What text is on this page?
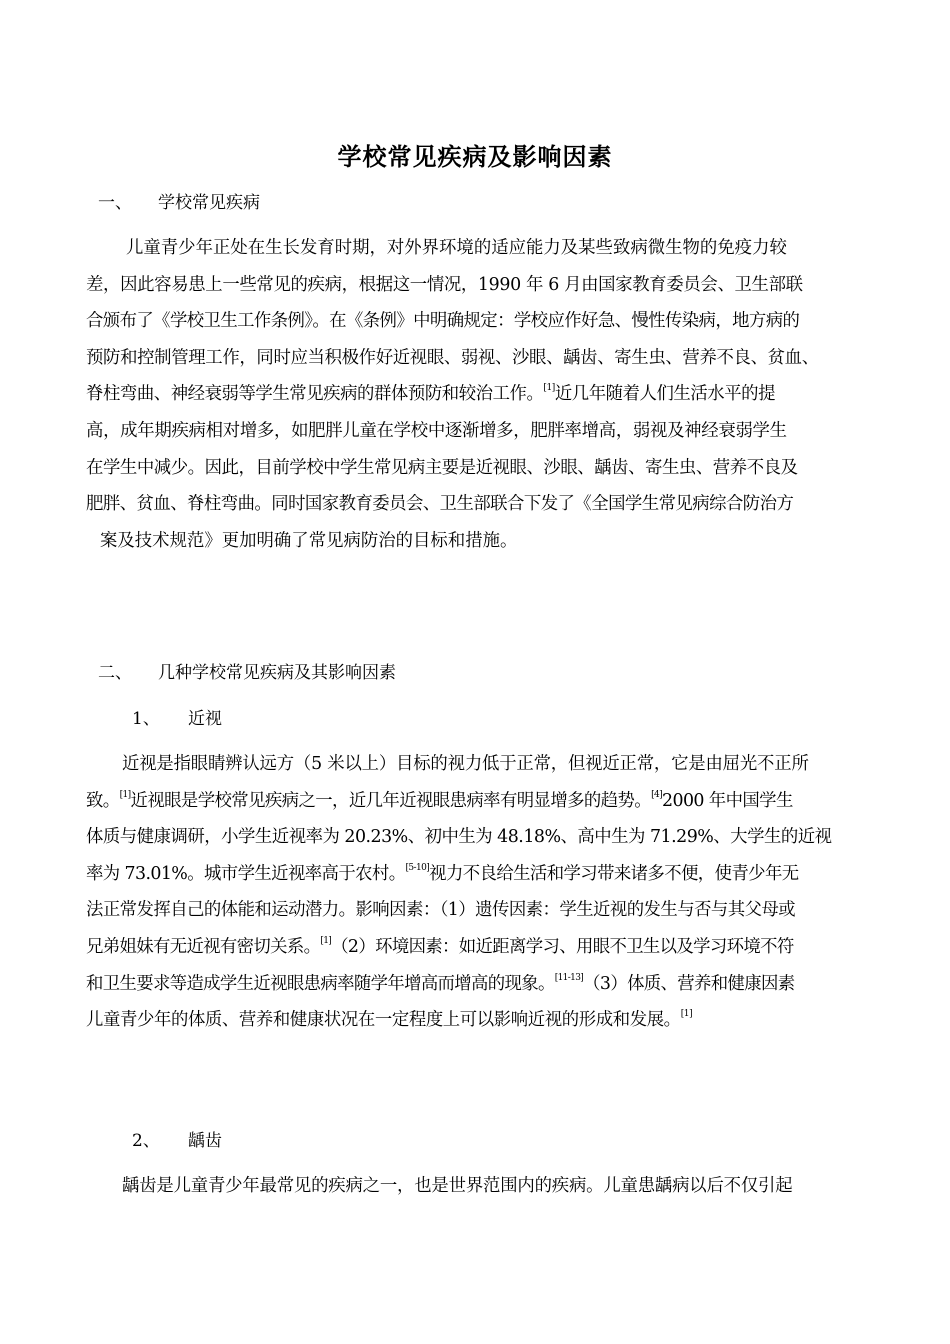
学校常见疾病及影响因素
一、 学校常见疾病
儿童青少年正处在生长发育时期，对外界环境的适应能力及某些致病微生物的免疫力较
差，因此容易患上一些常见的疾病，根据这一情况，1990 年 6 月由国家教育委员会、卫生部联
合颁布了《学校卫生工作条例》。在《条例》中明确规定：学校应作好急、慢性传染病，地方病的
预防和控制管理工作，同时应当积极作好近视眼、弱视、沙眼、龋齿、寄生虫、营养不良、贫血、
脊柱弯曲、神经衰弱等学生常见疾病的群体预防和较治工作。[1]近几年随着人们生活水平的提
高，成年期疾病相对增多，如肥胖儿童在学校中逐渐增多，肥胖率增高，弱视及神经衰弱学生
在学生中减少。因此，目前学校中学生常见病主要是近视眼、沙眼、龋齿、寄生虫、营养不良及
肥胖、贫血、脊柱弯曲。同时国家教育委员会、卫生部联合下发了《全国学生常见病综合防治方
案及技术规范》更加明确了常见病防治的目标和措施。
二、 几种学校常见疾病及其影响因素
1、 近视
近视是指眼睛辨认远方（5 米以上）目标的视力低于正常，但视近正常，它是由屈光不正所
致。[1]近视眼是学校常见疾病之一，近几年近视眼患病率有明显增多的趋势。[4]2000 年中国学生
体质与健康调研，小学生近视率为 20.23%、初中生为 48.18%、高中生为 71.29%、大学生的近视
率为 73.01%。城市学生近视率高于农村。[5-10]视力不良给生活和学习带来诸多不便，使青少年无
法正常发挥自己的体能和运动潜力。影响因素：（1）遗传因素：学生近视的发生与否与其父母或
兄弟姐妹有无近视有密切关系。[1]（2）环境因素：如近距离学习、用眼不卫生以及学习环境不符
和卫生要求等造成学生近视眼患病率随学年增高而增高的现象。[11-13]（3）体质、营养和健康因素
儿童青少年的体质、营养和健康状况在一定程度上可以影响近视的形成和发展。[1]
2、 龋齿
龋齿是儿童青少年最常见的疾病之一，也是世界范围内的疾病。儿童患龋病以后不仅引起
